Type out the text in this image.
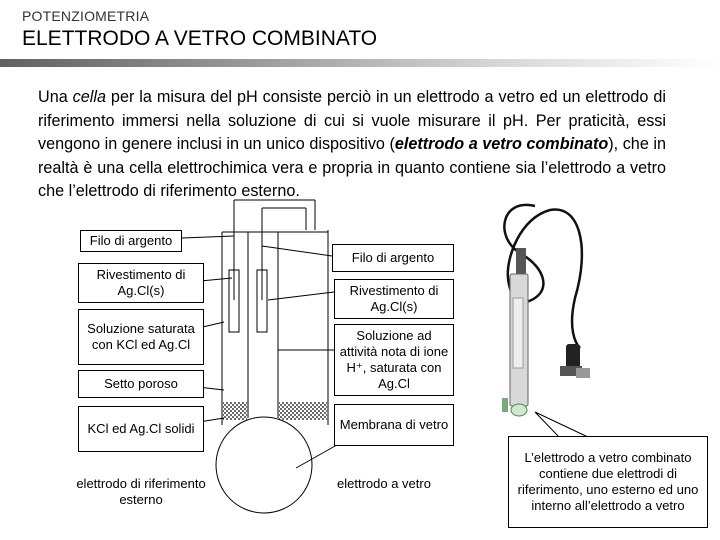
POTENZIOMETRIA
ELETTRODO A VETRO COMBINATO
Una cella per la misura del pH consiste perciò in un elettrodo a vetro ed un elettrodo di riferimento immersi nella soluzione di cui si vuole misurare il pH. Per praticità, essi vengono in genere inclusi in un unico dispositivo (elettrodo a vetro combinato), che in realtà è una cella elettrochimica vera e propria in quanto contiene sia l’elettrodo a vetro che l’elettrodo di riferimento esterno.
Filo di argento
Rivestimento di Ag.Cl(s)
Soluzione saturata con KCl ed Ag.Cl
Setto poroso
KCl ed Ag.Cl solidi
elettrodo di riferimento esterno
Filo di argento
Rivestimento di Ag.Cl(s)
Soluzione ad attività nota di ione H⁺, saturata con Ag.Cl
Membrana di vetro
elettrodo a vetro
L’elettrodo a vetro combinato contiene due elettrodi di riferimento, uno esterno ed uno interno all’elettrodo a vetro
